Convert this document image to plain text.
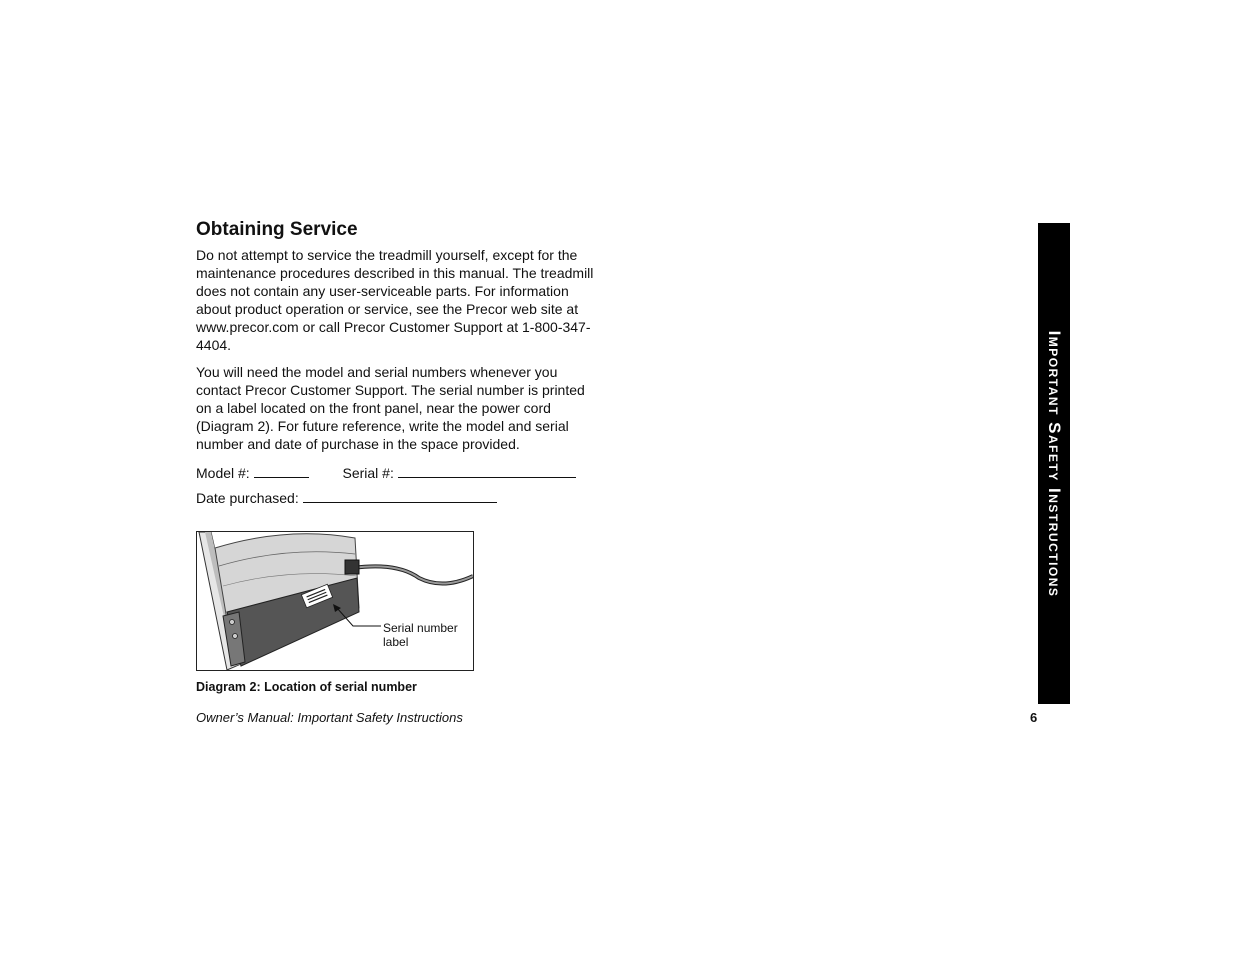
Obtaining Service

Do not attempt to service the treadmill yourself, except for the maintenance procedures described in this manual. The treadmill does not contain any user-serviceable parts. For information about product operation or service, see the Precor web site at www.precor.com or call Precor Customer Support at 1-800-347-4404.

You will need the model and serial numbers whenever you contact Precor Customer Support. The serial number is printed on a label located on the front panel, near the power cord (Diagram 2). For future reference, write the model and serial number and date of purchase in the space provided.

Model #:	Serial #:
Date purchased:
Serial number label
Diagram 2: Location of serial number
Owner’s Manual: Important Safety Instructions	6
Important Safety Instructions
